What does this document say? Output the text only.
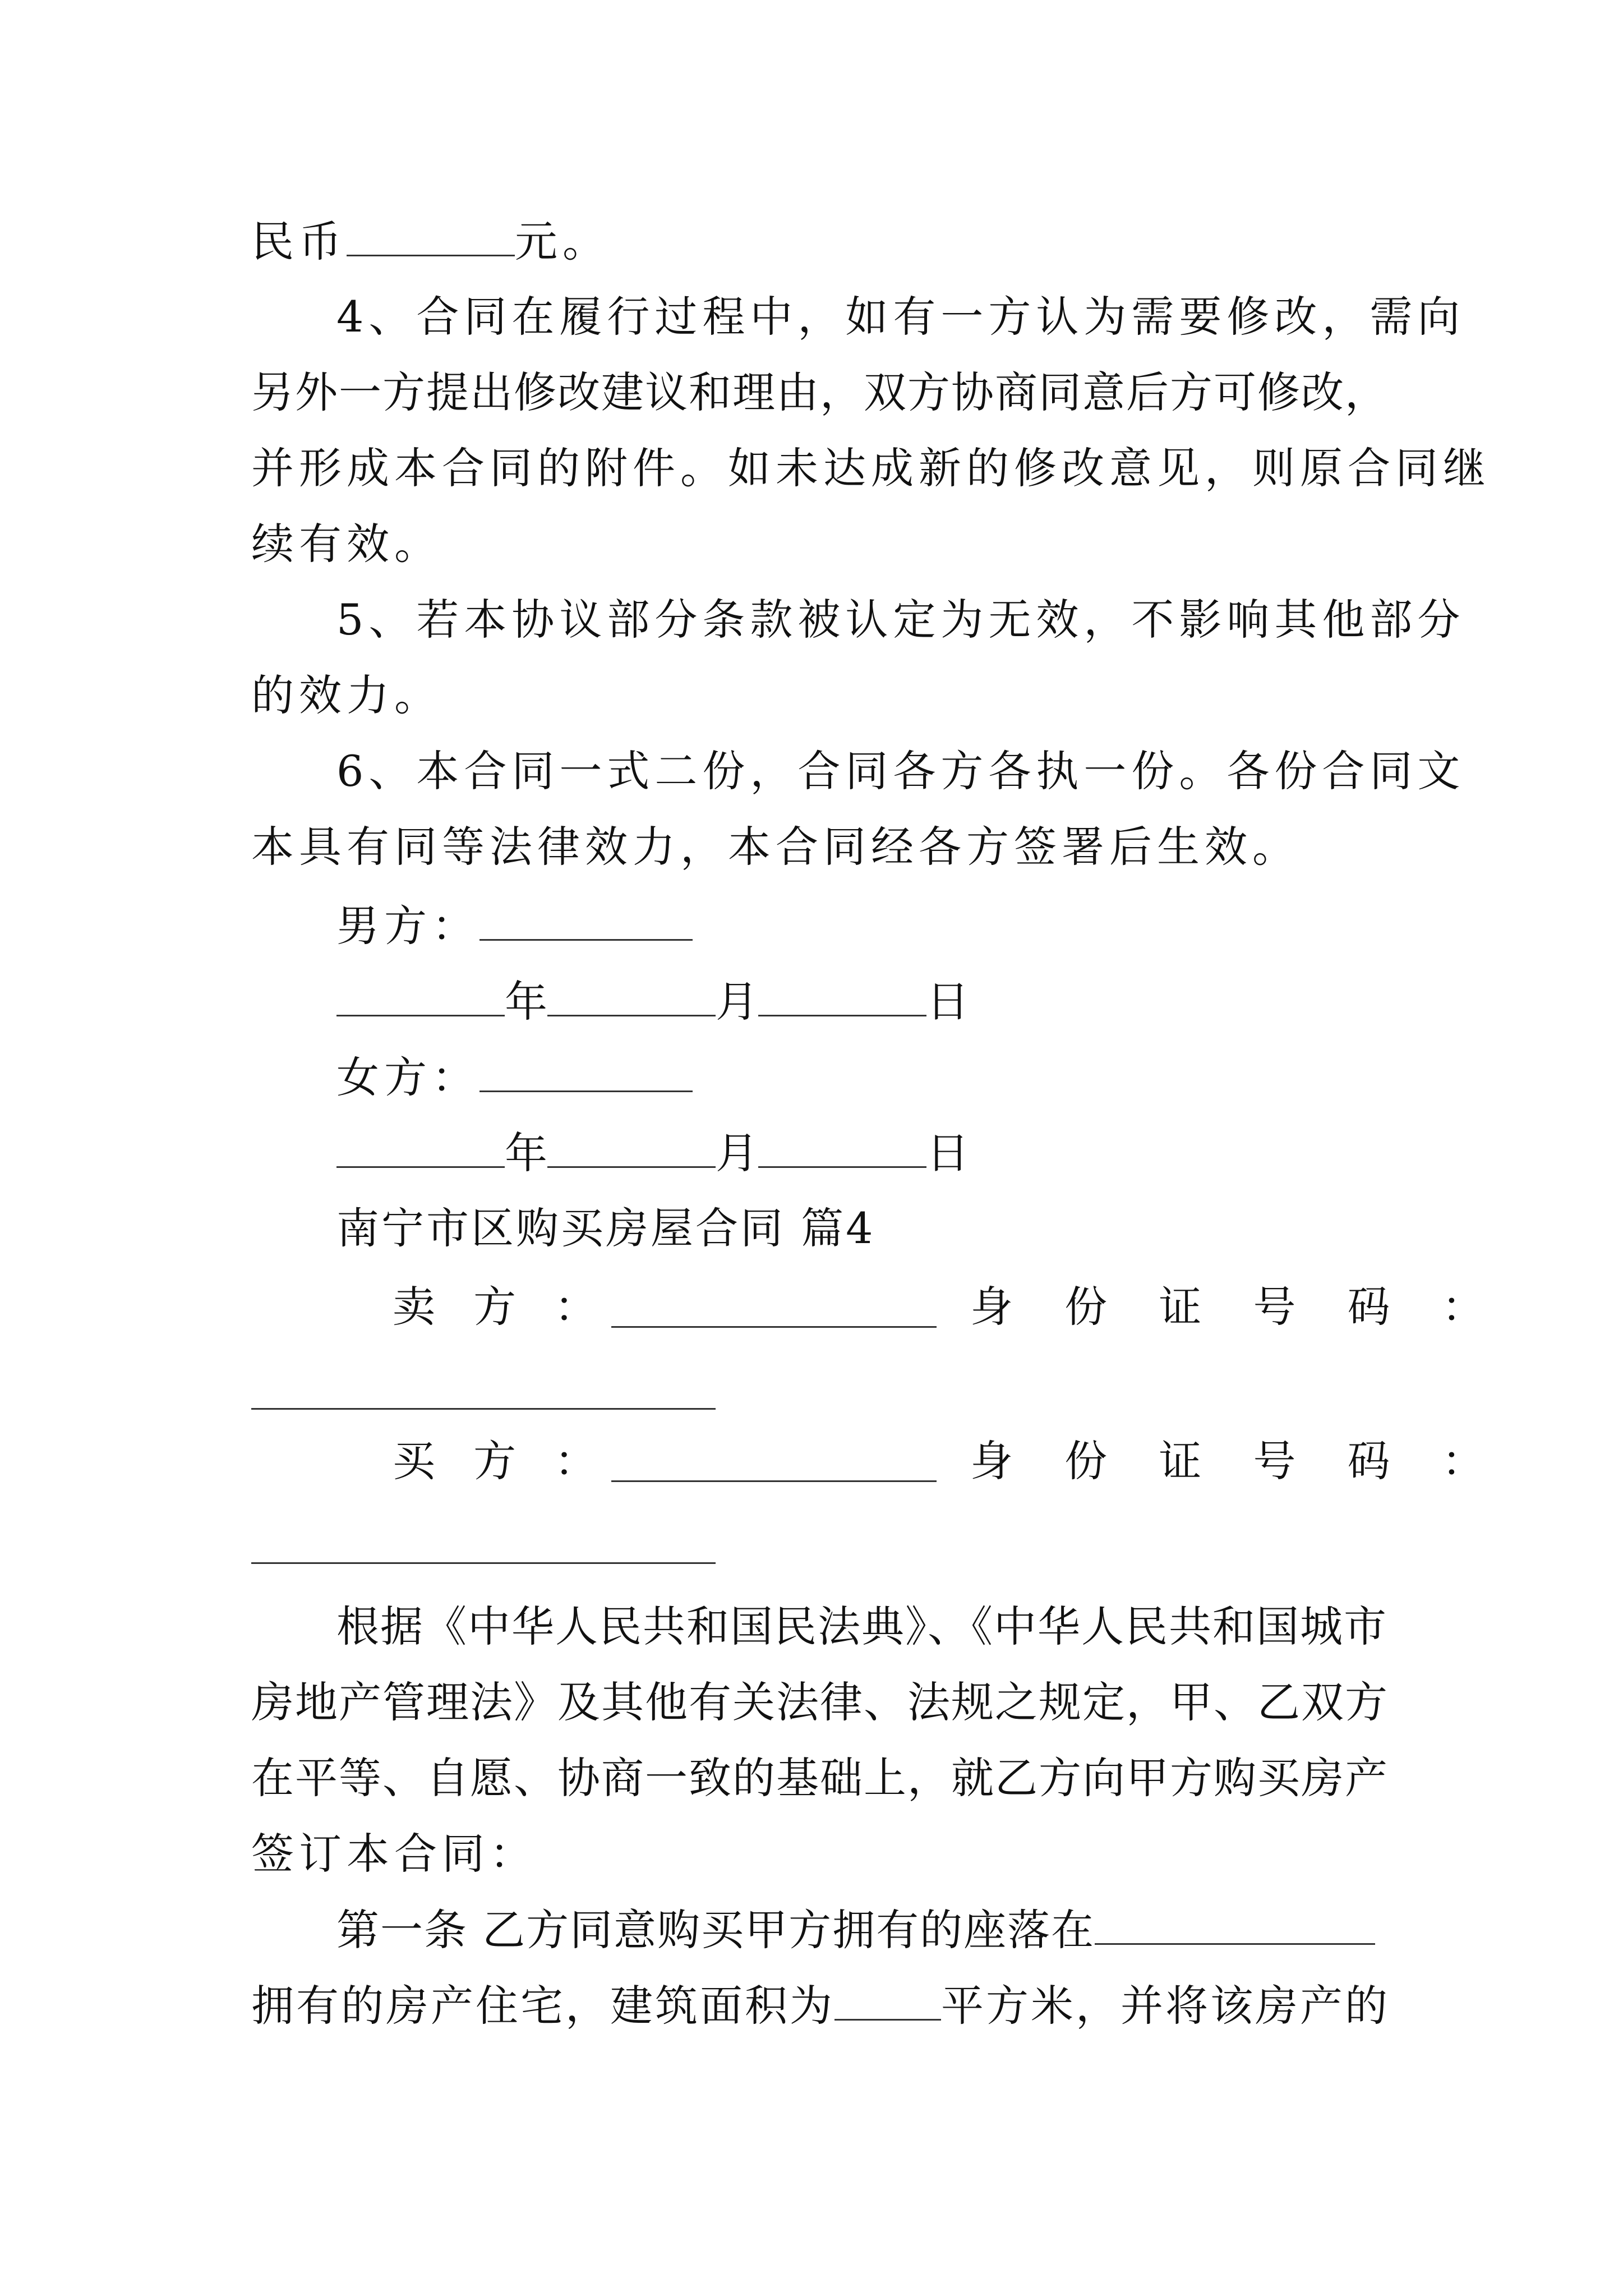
民币	元。
4、合同在履行过程中，如有一方认为需要修改，需向
另外一方提出修改建议和理由，双方协商同意后方可修改，
并形成本合同的附件。如未达成新的修改意见，则原合同继
续有效。
5、若本协议部分条款被认定为无效，不影响其他部分
的效力。
6、本合同一式二份，合同各方各执一份。各份合同文
本具有同等法律效力，本合同经各方签署后生效。
男方：
年	月	日
女方：
年	月	日
南宁市区购买房屋合同 篇4
卖 方 ：	身 份 证 号 码 ：
买 方 ：	身 份 证 号 码 ：
根据《中华人民共和国民法典》、《中华人民共和国城市
房地产管理法》及其他有关法律、法规之规定，甲、乙双方
在平等、自愿、协商一致的基础上，就乙方向甲方购买房产
签订本合同：
第一条 乙方同意购买甲方拥有的座落在
拥有的房产住宅，建筑面积为	平方米，并将该房产的
